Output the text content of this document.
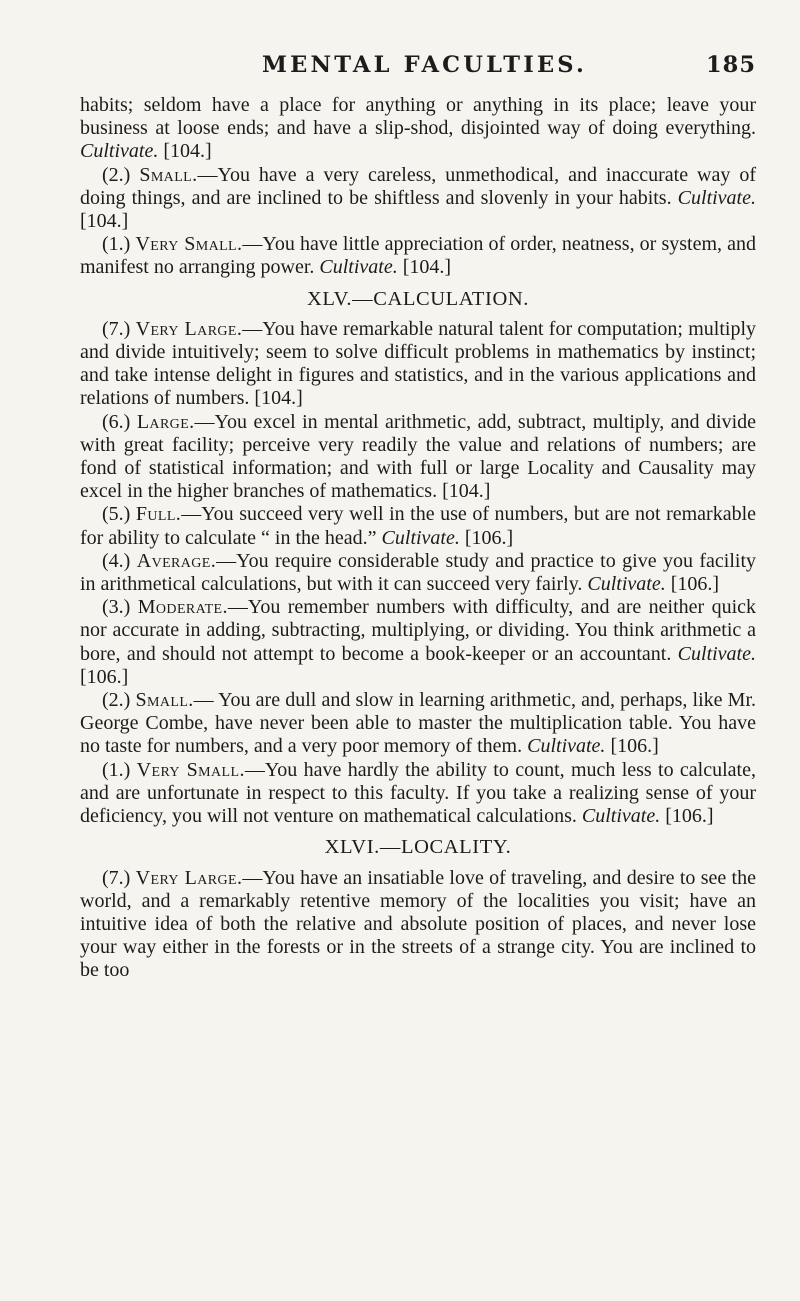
MENTAL FACULTIES.	185

habits; seldom have a place for anything or anything in its place; leave your business at loose ends; and have a slip-shod, disjointed way of doing everything. Cultivate. [104.]

(2.) Small.—You have a very careless, unmethodical, and inaccurate way of doing things, and are inclined to be shiftless and slovenly in your habits. Cultivate. [104.]

(1.) Very Small.—You have little appreciation of order, neatness, or system, and manifest no arranging power. Cultivate. [104.]

XLV.—CALCULATION.

(7.) Very Large.—You have remarkable natural talent for computation; multiply and divide intuitively; seem to solve difficult problems in mathematics by instinct; and take intense delight in figures and statistics, and in the various applications and relations of numbers. [104.]

(6.) Large.—You excel in mental arithmetic, add, subtract, multiply, and divide with great facility; perceive very readily the value and relations of numbers; are fond of statistical information; and with full or large Locality and Causality may excel in the higher branches of mathematics. [104.]

(5.) Full.—You succeed very well in the use of numbers, but are not remarkable for ability to calculate “ in the head.” Cultivate. [106.]

(4.) Average.—You require considerable study and practice to give you facility in arithmetical calculations, but with it can succeed very fairly. Cultivate. [106.]

(3.) Moderate.—You remember numbers with difficulty, and are neither quick nor accurate in adding, subtracting, multiplying, or dividing. You think arithmetic a bore, and should not attempt to become a book-keeper or an accountant. Cultivate. [106.]

(2.) Small.— You are dull and slow in learning arithmetic, and, perhaps, like Mr. George Combe, have never been able to master the multiplication table. You have no taste for numbers, and a very poor memory of them. Cultivate. [106.]

(1.) Very Small.—You have hardly the ability to count, much less to calculate, and are unfortunate in respect to this faculty. If you take a realizing sense of your deficiency, you will not venture on mathematical calculations. Cultivate. [106.]

XLVI.—LOCALITY.

(7.) Very Large.—You have an insatiable love of traveling, and desire to see the world, and a remarkably retentive memory of the localities you visit; have an intuitive idea of both the relative and absolute position of places, and never lose your way either in the forests or in the streets of a strange city. You are inclined to be too
